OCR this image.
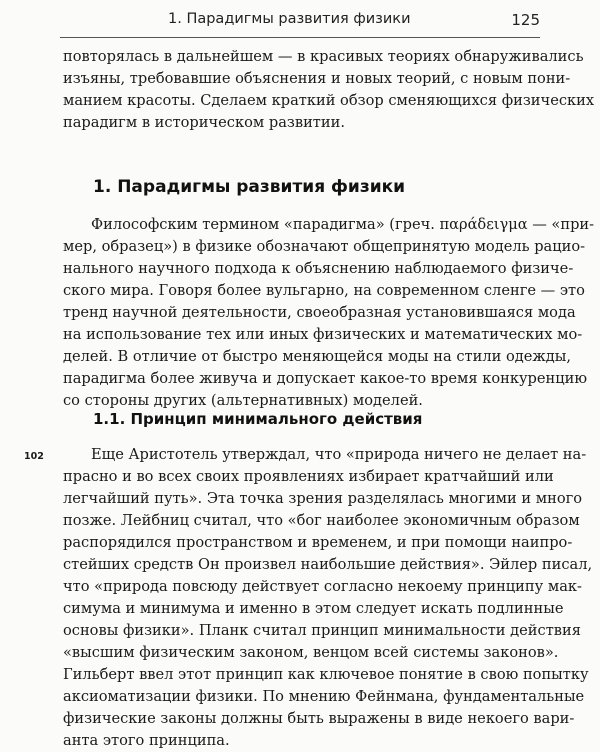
1. Парадигмы развития физики	125
повторялась в дальнейшем — в красивых теориях обнаруживались
изъяны, требовавшие объяснения и новых теорий, с новым пони-
манием красоты. Сделаем краткий обзор сменяющихся физических
парадигм в историческом развитии.
1. Парадигмы развития физики
Философским термином «парадигма» (греч. παράδειγμα — «при-
мер, образец») в физике обозначают общепринятую модель рацио-
нального научного подхода к объяснению наблюдаемого физиче-
ского мира. Говоря более вульгарно, на современном сленге — это
тренд научной деятельности, своеобразная установившаяся мода
на использование тех или иных физических и математических мо-
делей. В отличие от быстро меняющейся моды на стили одежды,
парадигма более живуча и допускает какое-то время конкуренцию
со стороны других (альтернативных) моделей.
1.1. Принцип минимального действия
102	Еще Аристотель утверждал, что «природа ничего не делает на-
прасно и во всех своих проявлениях избирает кратчайший или
легчайший путь». Эта точка зрения разделялась многими и много
позже. Лейбниц считал, что «бог наиболее экономичным образом
распорядился пространством и временем, и при помощи наипро-
стейших средств Он произвел наибольшие действия». Эйлер писал,
что «природа повсюду действует согласно некоему принципу мак-
симума и минимума и именно в этом следует искать подлинные
основы физики». Планк считал принцип минимальности действия
«высшим физическим законом, венцом всей системы законов».
Гильберт ввел этот принцип как ключевое понятие в свою попытку
аксиоматизации физики. По мнению Фейнмана, фундаментальные
физические законы должны быть выражены в виде некоего вари-
анта этого принципа.
